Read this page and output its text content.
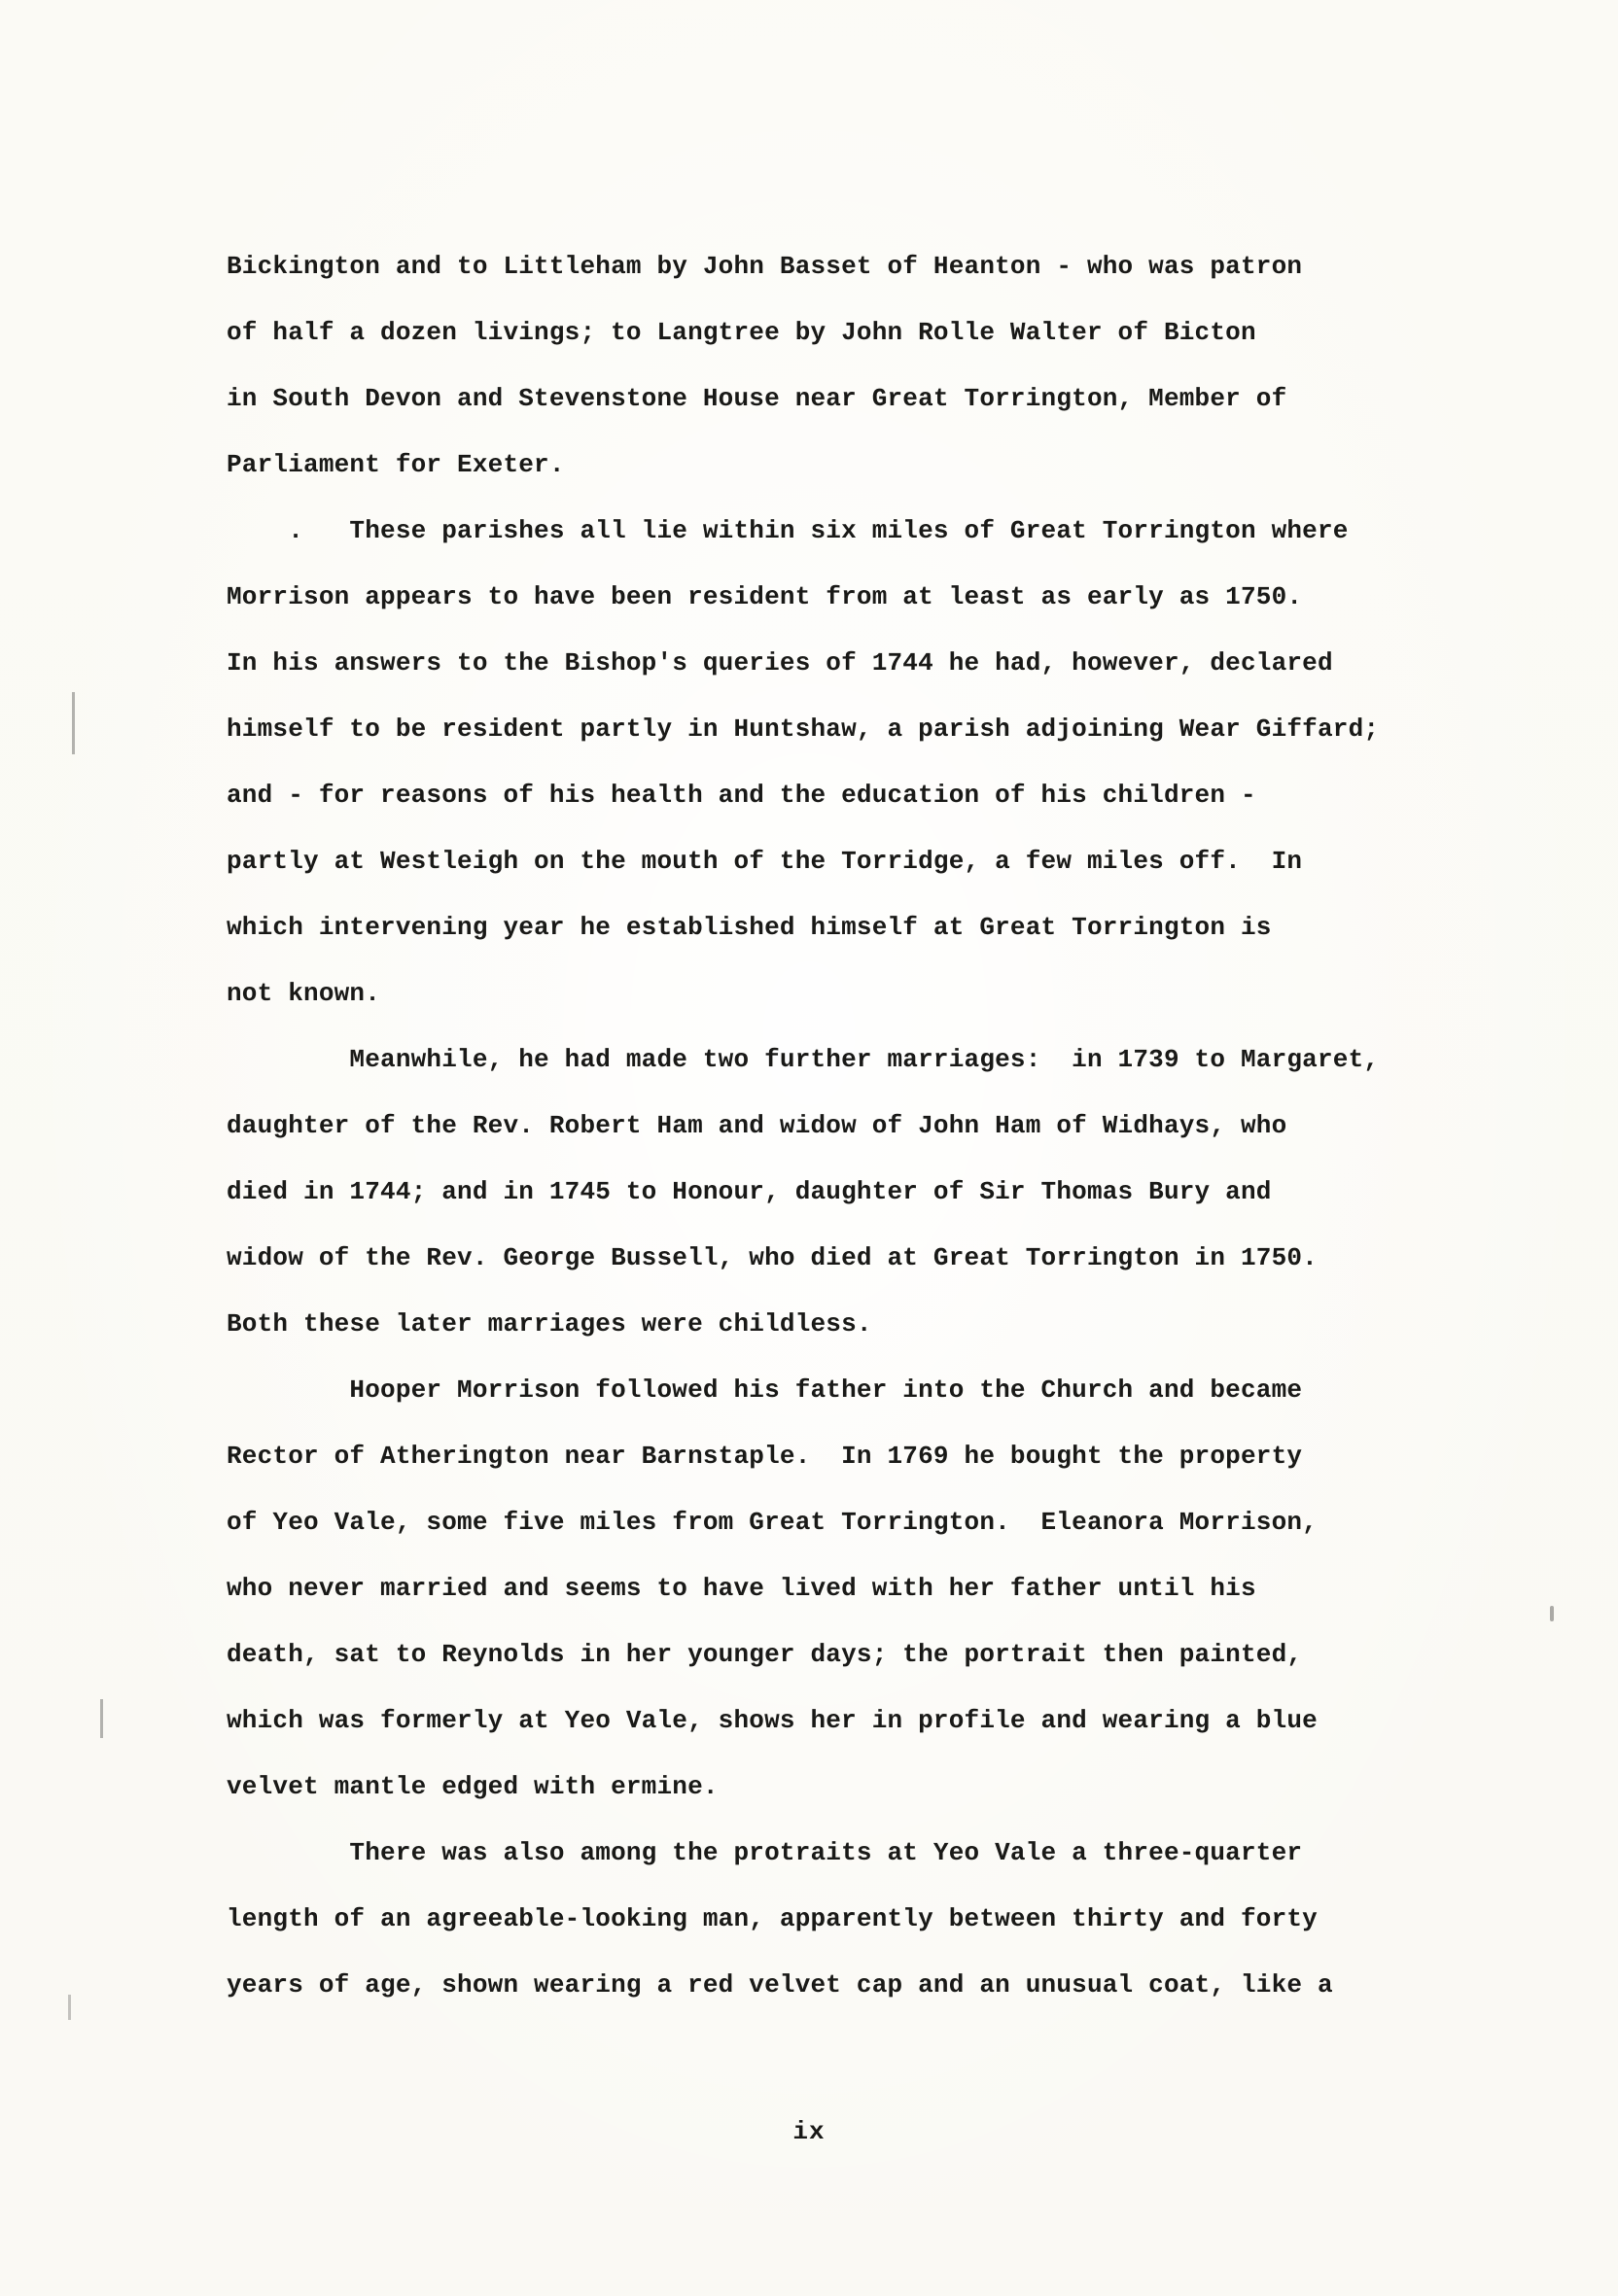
Bickington and to Littleham by John Basset of Heanton - who was patron
of half a dozen livings; to Langtree by John Rolle Walter of Bicton
in South Devon and Stevenstone House near Great Torrington, Member of
Parliament for Exeter.
.   These parishes all lie within six miles of Great Torrington where
Morrison appears to have been resident from at least as early as 1750.
In his answers to the Bishop's queries of 1744 he had, however, declared
himself to be resident partly in Huntshaw, a parish adjoining Wear Giffard;
and - for reasons of his health and the education of his children -
partly at Westleigh on the mouth of the Torridge, a few miles off.  In
which intervening year he established himself at Great Torrington is
not known.
Meanwhile, he had made two further marriages:  in 1739 to Margaret,
daughter of the Rev. Robert Ham and widow of John Ham of Widhays, who
died in 1744; and in 1745 to Honour, daughter of Sir Thomas Bury and
widow of the Rev. George Bussell, who died at Great Torrington in 1750.
Both these later marriages were childless.
Hooper Morrison followed his father into the Church and became
Rector of Atherington near Barnstaple.  In 1769 he bought the property
of Yeo Vale, some five miles from Great Torrington.  Eleanora Morrison,
who never married and seems to have lived with her father until his
death, sat to Reynolds in her younger days; the portrait then painted,
which was formerly at Yeo Vale, shows her in profile and wearing a blue
velvet mantle edged with ermine.
There was also among the protraits at Yeo Vale a three-quarter
length of an agreeable-looking man, apparently between thirty and forty
years of age, shown wearing a red velvet cap and an unusual coat, like a
ix
